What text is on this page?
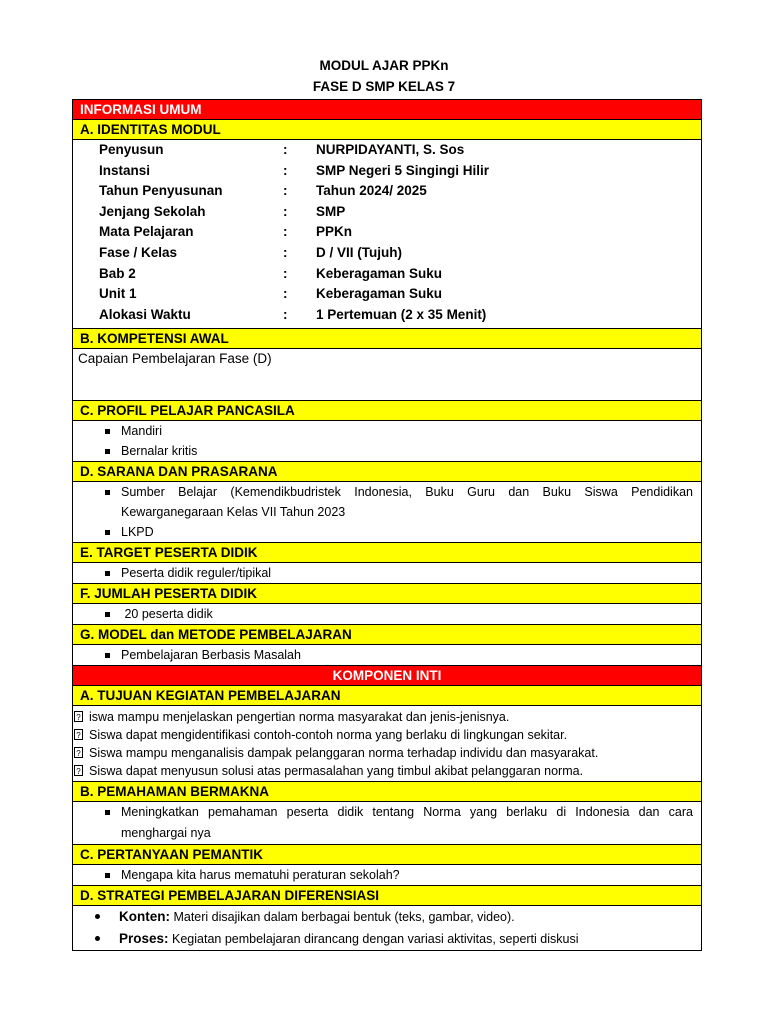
MODUL AJAR PPKn
FASE D SMP KELAS 7
INFORMASI UMUM
A. IDENTITAS MODUL
Penyusun	: NURPIDAYANTI, S. Sos
Instansi	: SMP Negeri 5 Singingi Hilir
Tahun Penyusunan	: Tahun 2024/ 2025
Jenjang Sekolah	: SMP
Mata Pelajaran	: PPKn
Fase / Kelas	: D / VII (Tujuh)
Bab 2	: Keberagaman Suku
Unit 1	: Keberagaman Suku
Alokasi Waktu	: 1 Pertemuan (2 x 35 Menit)
B. KOMPETENSI AWAL
Capaian Pembelajaran Fase (D)
C. PROFIL PELAJAR PANCASILA
Mandiri
Bernalar kritis
D. SARANA DAN PRASARANA
Sumber Belajar (Kemendikbudristek Indonesia, Buku Guru dan Buku Siswa Pendidikan Kewarganegaraan Kelas VII Tahun 2023
LKPD
E. TARGET PESERTA DIDIK
Peserta didik reguler/tipikal
F. JUMLAH PESERTA DIDIK
20 peserta didik
G. MODEL dan METODE PEMBELAJARAN
Pembelajaran Berbasis Masalah
KOMPONEN INTI
A. TUJUAN KEGIATAN PEMBELAJARAN
? iswa mampu menjelaskan pengertian norma masyarakat dan jenis-jenisnya.
? Siswa dapat mengidentifikasi contoh-contoh norma yang berlaku di lingkungan sekitar.
? Siswa mampu menganalisis dampak pelanggaran norma terhadap individu dan masyarakat.
? Siswa dapat menyusun solusi atas permasalahan yang timbul akibat pelanggaran norma.
B. PEMAHAMAN BERMAKNA
Meningkatkan pemahaman peserta didik tentang Norma yang berlaku di Indonesia dan cara menghargai nya
C. PERTANYAAN PEMANTIK
Mengapa kita harus mematuhi peraturan sekolah?
D. STRATEGI PEMBELAJARAN DIFERENSIASI
Konten: Materi disajikan dalam berbagai bentuk (teks, gambar, video).
Proses: Kegiatan pembelajaran dirancang dengan variasi aktivitas, seperti diskusi
